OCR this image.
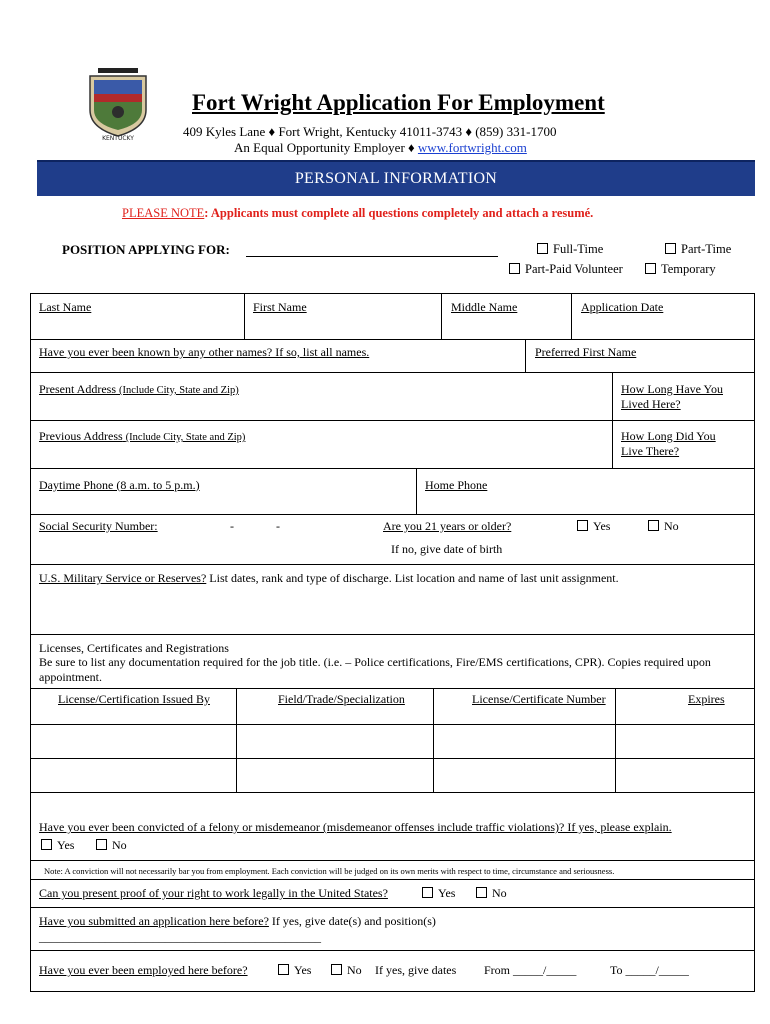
KENTUCKY
Fort Wright Application For Employment
409 Kyles Lane ♦ Fort Wright, Kentucky 41011-3743 ♦ (859) 331-1700
An Equal Opportunity Employer ♦ www.fortwright.com
PERSONAL INFORMATION
PLEASE NOTE: Applicants must complete all questions completely and attach a resumé.
POSITION APPLYING FOR:	Full-Time	Part-Time
Part-Paid Volunteer	Temporary
Last Name	First Name	Middle Name	Application Date
Have you ever been known by any other names? If so, list all names.	Preferred First Name
Present Address (Include City, State and Zip)	How Long Have You
Lived Here?
Previous Address (Include City, State and Zip)	How Long Did You
Live There?
Daytime Phone (8 a.m. to 5 p.m.)	Home Phone
Social Security Number:	-	-	Are you 21 years or older?	Yes	No
If no, give date of birth
U.S. Military Service or Reserves? List dates, rank and type of discharge. List location and name of last unit assignment.
Licenses, Certificates and Registrations
Be sure to list any documentation required for the job title. (i.e. – Police certifications, Fire/EMS certifications, CPR). Copies required upon appointment.
License/Certification Issued By	Field/Trade/Specialization	License/Certificate Number	Expires
Have you ever been convicted of a felony or misdemeanor (misdemeanor offenses include traffic violations)? If yes, please explain.
Yes	No
Note: A conviction will not necessarily bar you from employment. Each conviction will be judged on its own merits with respect to time, circumstance and seriousness.
Can you present proof of your right to work legally in the United States?	Yes	No
Have you submitted an application here before? If yes, give date(s) and position(s)
_______________________________________________
Have you ever been employed here before?	Yes	No If yes, give dates From _____/_____	To _____/_____
